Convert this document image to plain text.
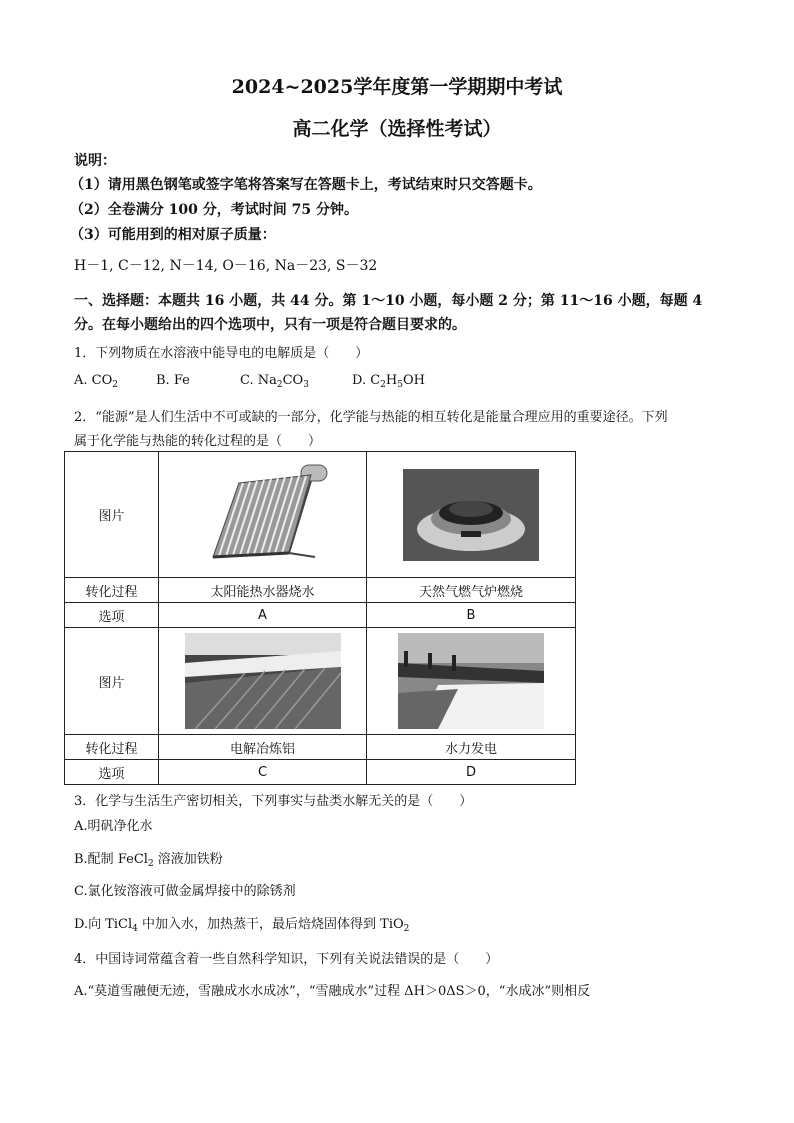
2024~2025学年度第一学期期中考试
高二化学（选择性考试）
说明：
（1）请用黑色钢笔或签字笔将答案写在答题卡上，考试结束时只交答题卡。
（2）全卷满分 100 分，考试时间 75 分钟。
（3）可能用到的相对原子质量：
H－1, C－12, N－14, O－16, Na－23, S－32
一、选择题：本题共 16 小题，共 44 分。第 1～10 小题，每小题 2 分；第 11～16 小题，每题 4
分。在每小题给出的四个选项中，只有一项是符合题目要求的。
1．下列物质在水溶液中能导电的电解质是（　　）
A. $CO_2$	B. Fe	C. $Na_2CO_3$	D. $C_2H_5OH$
2．“能源”是人们生活中不可或缺的一部分，化学能与热能的相互转化是能量合理应用的重要途径。下列
属于化学能与热能的转化过程的是（　　）
图片	

转化过程	太阳能热水器烧水	天然气燃气炉燃烧
选项	A	B
图片	

转化过程	电解冶炼铝	水力发电
选项	C	D
3．化学与生活生产密切相关，下列事实与盐类水解无关的是（　　）
A.明矾净化水
B.配制 FeCl$_2$ 溶液加铁粉
C.氯化铵溶液可做金属焊接中的除锈剂
D.向 TiCl$_4$ 中加入水，加热蒸干，最后焙烧固体得到 TiO$_2$
4．中国诗词常蕴含着一些自然科学知识，下列有关说法错误的是（　　）
A.“莫道雪融便无迹，雪融成水水成冰”，“雪融成水”过程 ΔH＞0ΔS＞0，“水成冰”则相反
